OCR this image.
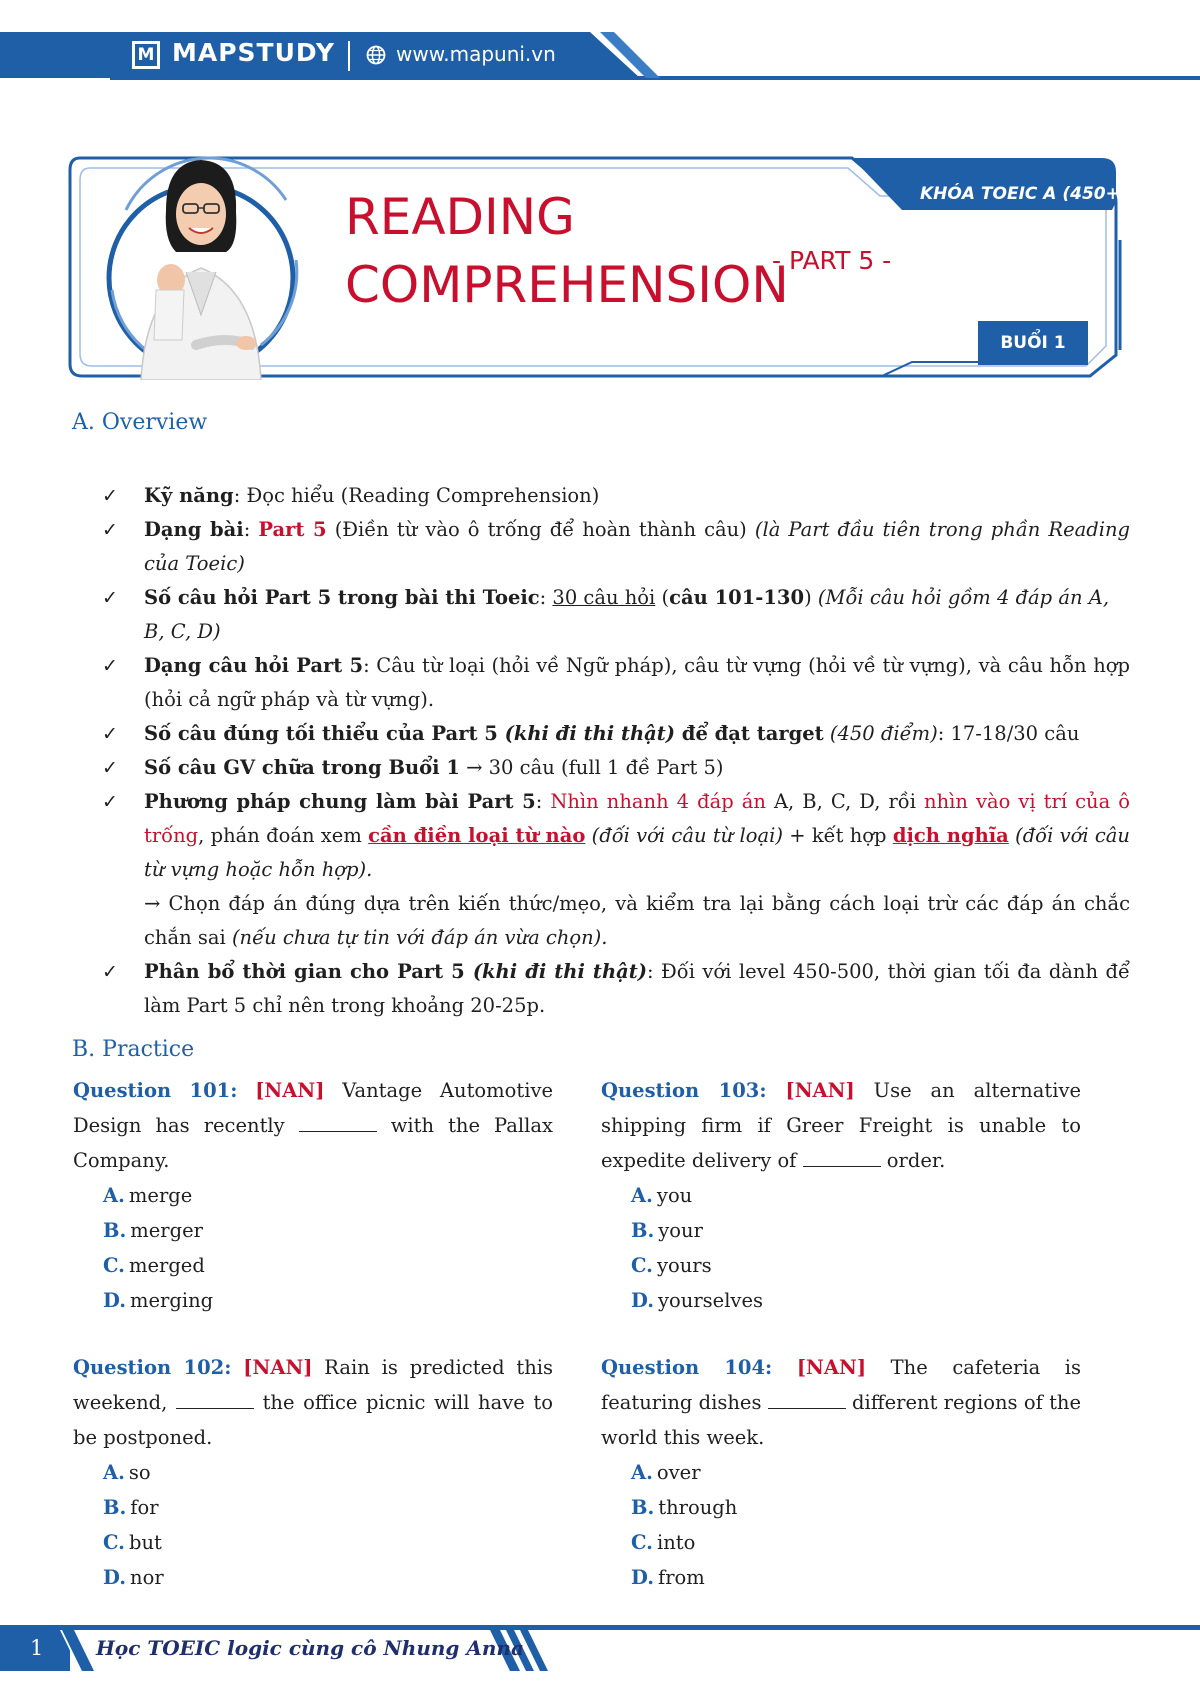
M MAPSTUDY	www.mapuni.vn
READING
COMPREHENSION
- PART 5 -
KHÓA TOEIC A (450+)
BUỔI 1
A. Overview
✓ Kỹ năng: Đọc hiểu (Reading Comprehension)
✓ Dạng bài: Part 5 (Điền từ vào ô trống để hoàn thành câu) (là Part đầu tiên trong phần Reading của Toeic)
✓ Số câu hỏi Part 5 trong bài thi Toeic: 30 câu hỏi (câu 101-130) (Mỗi câu hỏi gồm 4 đáp án A, B, C, D)
✓ Dạng câu hỏi Part 5: Câu từ loại (hỏi về Ngữ pháp), câu từ vựng (hỏi về từ vựng), và câu hỗn hợp (hỏi cả ngữ pháp và từ vựng).
✓ Số câu đúng tối thiểu của Part 5 (khi đi thi thật) để đạt target (450 điểm): 17-18/30 câu
✓ Số câu GV chữa trong Buổi 1 → 30 câu (full 1 đề Part 5)
✓ Phương pháp chung làm bài Part 5: Nhìn nhanh 4 đáp án A, B, C, D, rồi nhìn vào vị trí của ô trống, phán đoán xem cần điền loại từ nào (đối với câu từ loại) + kết hợp dịch nghĩa (đối với câu từ vựng hoặc hỗn hợp).
→ Chọn đáp án đúng dựa trên kiến thức/mẹo, và kiểm tra lại bằng cách loại trừ các đáp án chắc chắn sai (nếu chưa tự tin với đáp án vừa chọn).
✓ Phân bổ thời gian cho Part 5 (khi đi thi thật): Đối với level 450-500, thời gian tối đa dành để làm Part 5 chỉ nên trong khoảng 20-25p.
B. Practice

Question 101: [NAN] Vantage Automotive Design has recently	with the Pallax Company.

A. merge
B. merger
C. merged
D. merging

Question 102: [NAN] Rain is predicted this weekend,	the office picnic will have to be postponed.

A. so
B. for
C. but
D. nor

Question 103: [NAN] Use an alternative shipping firm if Greer Freight is unable to expedite delivery of	order.

A. you
B. your
C. yours
D. yourselves

Question 104: [NAN] The cafeteria is featuring dishes	different regions of the world this week.

A. over
B. through
C. into
D. from
1	Học TOEIC logic cùng cô Nhung Anna
